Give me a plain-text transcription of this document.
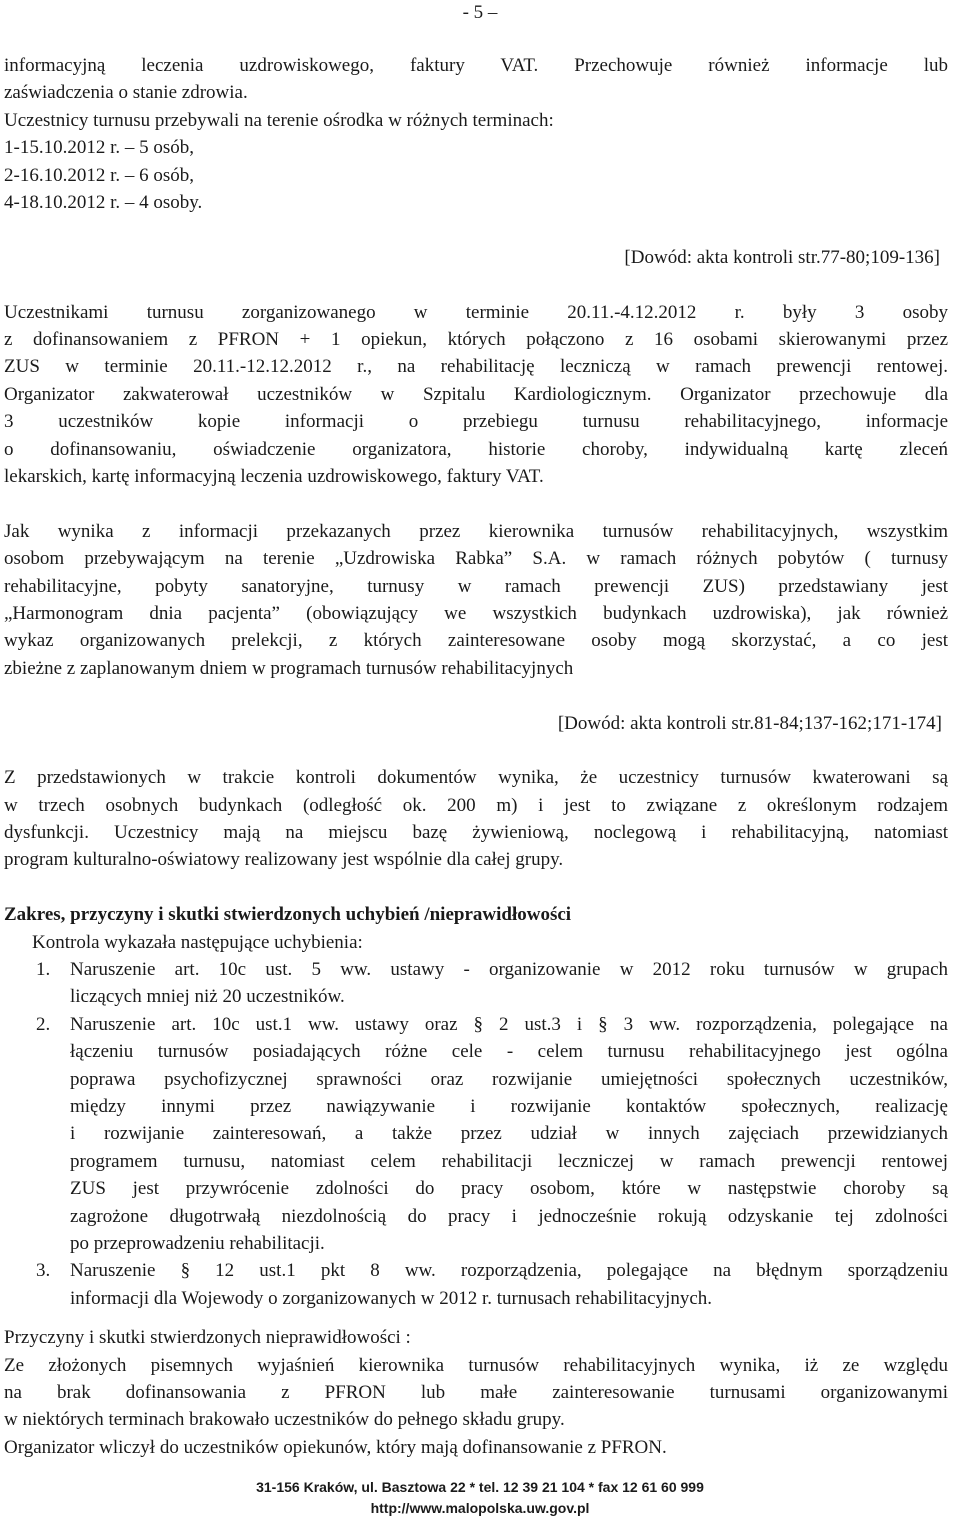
- 5 –
informacyjną leczenia uzdrowiskowego, faktury VAT. Przechowuje również informacje lub
zaświadczenia o stanie zdrowia.
Uczestnicy turnusu przebywali na terenie ośrodka w różnych terminach:
1-15.10.2012 r. – 5 osób,
2-16.10.2012 r. – 6 osób,
4-18.10.2012 r. – 4 osoby.
[Dowód: akta kontroli str.77-80;109-136]
Uczestnikami turnusu zorganizowanego w terminie 20.11.-4.12.2012 r. były 3 osoby
z dofinansowaniem z PFRON + 1 opiekun, których połączono z 16 osobami skierowanymi przez
ZUS w terminie 20.11.-12.12.2012 r., na rehabilitację leczniczą w ramach prewencji rentowej.
Organizator zakwaterował uczestników w Szpitalu Kardiologicznym. Organizator przechowuje dla
3 uczestników kopie informacji o przebiegu turnusu rehabilitacyjnego, informacje
o dofinansowaniu, oświadczenie organizatora, historie choroby, indywidualną kartę zleceń
lekarskich, kartę informacyjną leczenia uzdrowiskowego, faktury VAT.
Jak wynika z informacji przekazanych przez kierownika turnusów rehabilitacyjnych, wszystkim
osobom przebywającym na terenie „Uzdrowiska Rabka” S.A. w ramach różnych pobytów ( turnusy
rehabilitacyjne, pobyty sanatoryjne, turnusy w ramach prewencji ZUS) przedstawiany jest
„Harmonogram dnia pacjenta” (obowiązujący we wszystkich budynkach uzdrowiska), jak również
wykaz organizowanych prelekcji, z których zainteresowane osoby mogą skorzystać, a co jest
zbieżne z zaplanowanym dniem w programach turnusów rehabilitacyjnych
[Dowód: akta kontroli str.81-84;137-162;171-174]
Z przedstawionych w trakcie kontroli dokumentów wynika, że uczestnicy turnusów kwaterowani są
w trzech osobnych budynkach (odległość ok. 200 m) i jest to związane z określonym rodzajem
dysfunkcji. Uczestnicy mają na miejscu bazę żywieniową, noclegową i rehabilitacyjną, natomiast
program kulturalno-oświatowy realizowany jest wspólnie dla całej grupy.
Zakres, przyczyny i skutki stwierdzonych uchybień /nieprawidłowości
Kontrola wykazała następujące uchybienia:
1. Naruszenie art. 10c ust. 5 ww. ustawy - organizowanie w 2012 roku turnusów w grupach
liczących mniej niż 20 uczestników.
2. Naruszenie art. 10c ust.1 ww. ustawy oraz § 2 ust.3 i § 3 ww. rozporządzenia, polegające na
łączeniu turnusów posiadających różne cele - celem turnusu rehabilitacyjnego jest ogólna
poprawa psychofizycznej sprawności oraz rozwijanie umiejętności społecznych uczestników,
między innymi przez nawiązywanie i rozwijanie kontaktów społecznych, realizację
i rozwijanie zainteresowań, a także przez udział w innych zajęciach przewidzianych
programem turnusu, natomiast celem rehabilitacji leczniczej w ramach prewencji rentowej
ZUS jest przywrócenie zdolności do pracy osobom, które w następstwie choroby są
zagrożone długotrwałą niezdolnością do pracy i jednocześnie rokują odzyskanie tej zdolności
po przeprowadzeniu rehabilitacji.
3. Naruszenie § 12 ust.1 pkt 8 ww. rozporządzenia, polegające na błędnym sporządzeniu
informacji dla Wojewody o zorganizowanych w 2012 r. turnusach rehabilitacyjnych.
Przyczyny i skutki stwierdzonych nieprawidłowości :
Ze złożonych pisemnych wyjaśnień kierownika turnusów rehabilitacyjnych wynika, iż ze względu
na brak dofinansowania z PFRON lub małe zainteresowanie turnusami organizowanymi
w niektórych terminach brakowało uczestników do pełnego składu grupy.
Organizator wliczył do uczestników opiekunów, który mają dofinansowanie z PFRON.
31-156 Kraków, ul. Basztowa 22 * tel. 12 39 21 104 * fax 12 61 60 999
http://www.malopolska.uw.gov.pl
